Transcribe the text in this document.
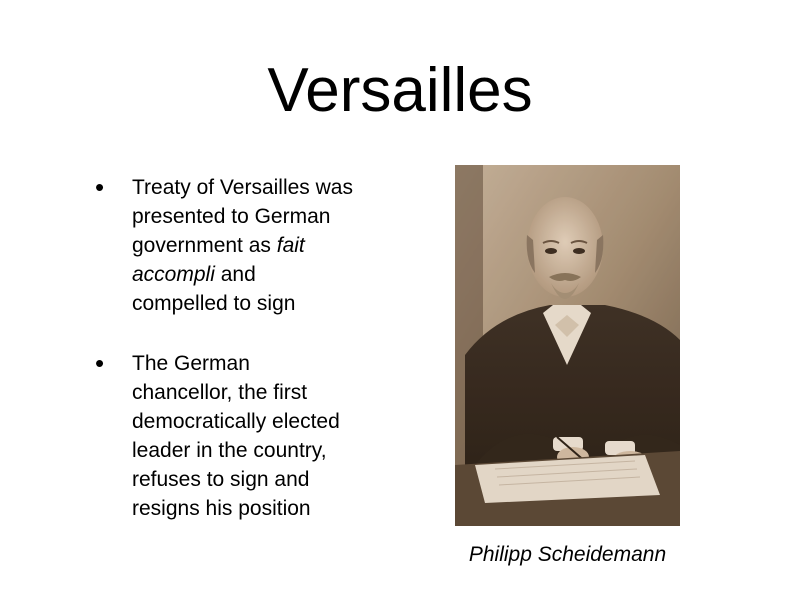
Versailles
• Treaty of Versailles was
presented to German
government as fait
accompli and
compelled to sign
• The German
chancellor, the first
democratically elected
leader in the country,
refuses to sign and
resigns his position
Philipp Scheidemann
